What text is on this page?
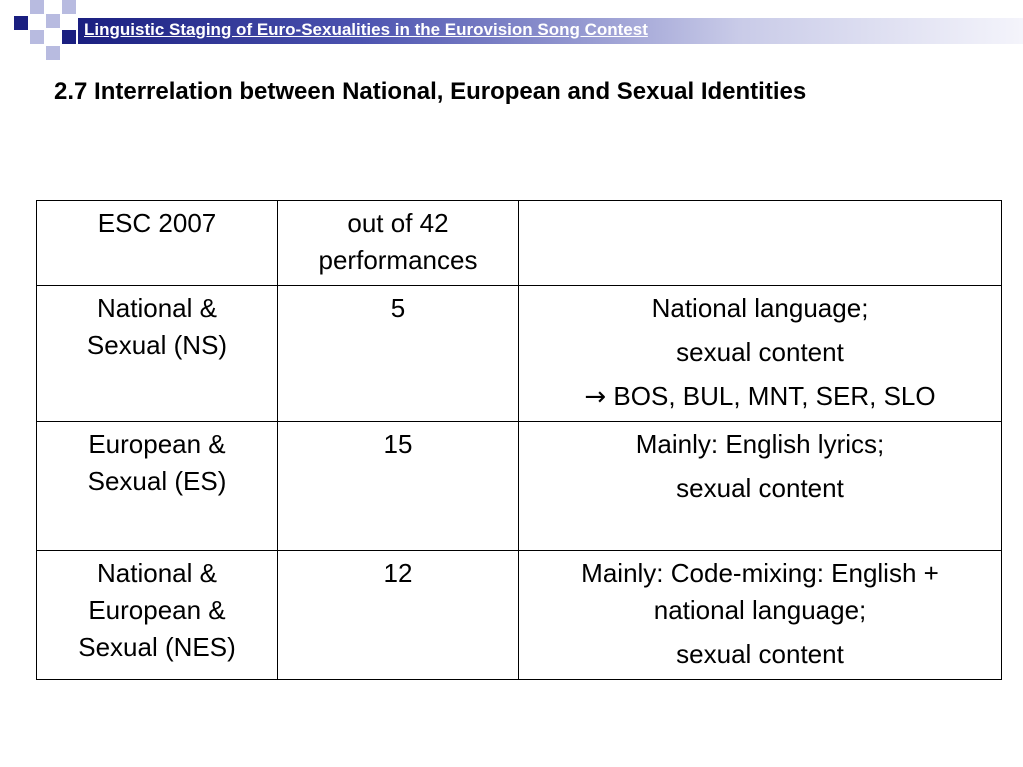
Linguistic Staging of Euro-Sexualities in the Eurovision Song Contest
2.7 Interrelation between National, European and Sexual Identities
ESC 2007	out of 42
performances	

National &
Sexual (NS)	5	National language;
sexual content
→ BOS, BUL, MNT, SER, SLO

European &
Sexual (ES)	15	Mainly: English lyrics;
sexual content

National &
European &
Sexual (NES)	12	Mainly: Code-mixing: English +
national language;
sexual content
